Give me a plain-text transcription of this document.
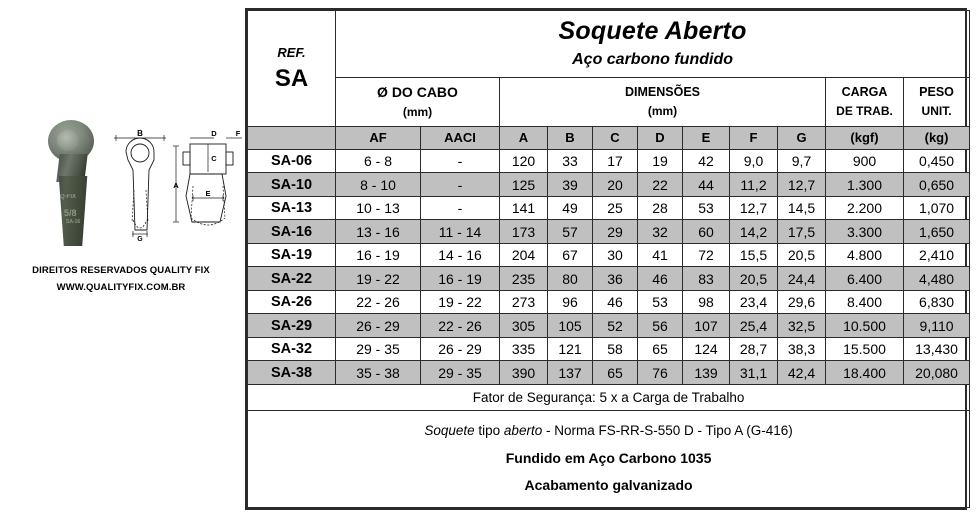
Q-FIX
5/8
SA-16
B
G
D	F
A
C
E
DIREITOS RESERVADOS QUALITY FIX
WWW.QUALITYFIX.COM.BR
REF.
SA	Soquete Aberto
Aço carbono fundido										

	Ø DO CABO
(mm)		DIMENSÕES
(mm)							CARGA
DE TRAB.	PESO
UNIT.

	AF	AACI	A	B	C	D	E	F	G	(kgf)	(kg)
SA-06	6 - 8	-	120	33	17	19	42	9,0	9,7	900	0,450
SA-10	8 - 10	-	125	39	20	22	44	11,2	12,7	1.300	0,650
SA-13	10 - 13	-	141	49	25	28	53	12,7	14,5	2.200	1,070
SA-16	13 - 16	11 - 14	173	57	29	32	60	14,2	17,5	3.300	1,650
SA-19	16 - 19	14 - 16	204	67	30	41	72	15,5	20,5	4.800	2,410
SA-22	19 - 22	16 - 19	235	80	36	46	83	20,5	24,4	6.400	4,480
SA-26	22 - 26	19 - 22	273	96	46	53	98	23,4	29,6	8.400	6,830
SA-29	26 - 29	22 - 26	305	105	52	56	107	25,4	32,5	10.500	9,110
SA-32	29 - 35	26 - 29	335	121	58	65	124	28,7	38,3	15.500	13,430
SA-38	35 - 38	29 - 35	390	137	65	76	139	31,1	42,4	18.400	20,080
Fator de Segurança: 5 x a Carga de Trabalho											

Soquete tipo aberto - Norma FS-RR-S-550 D - Tipo A (G-416)
Fundido em Aço Carbono 1035
Acabamento galvanizado											
